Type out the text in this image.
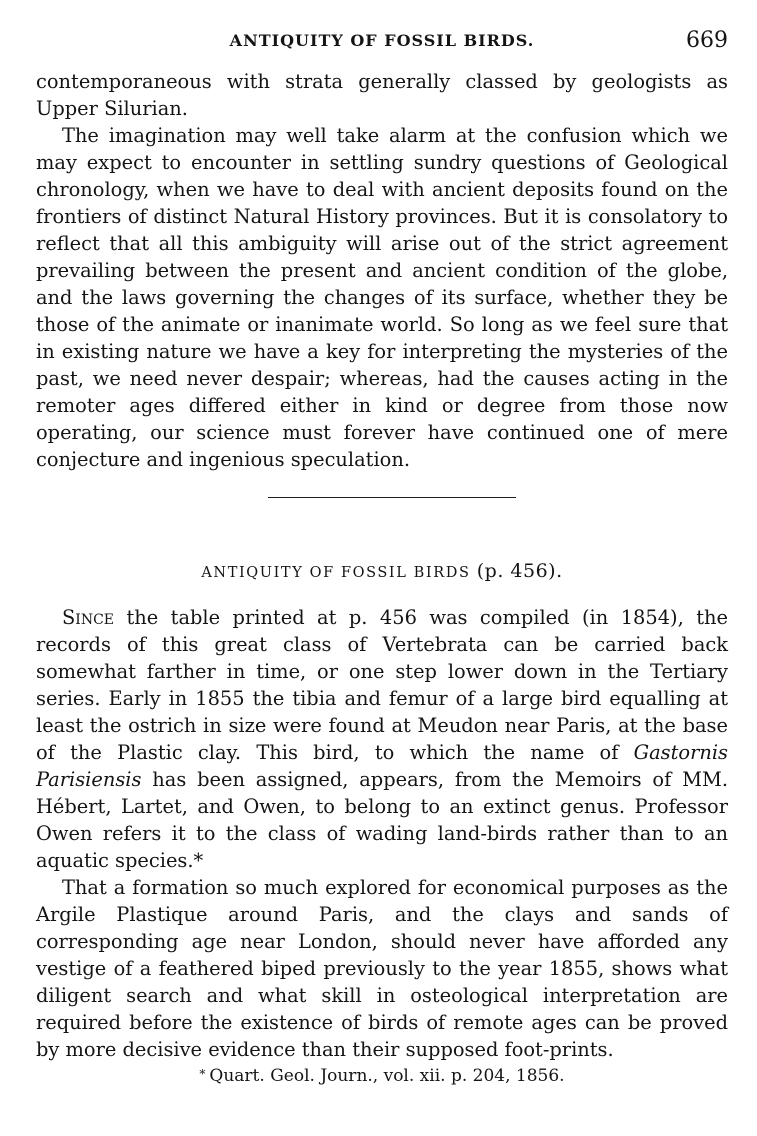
ANTIQUITY OF FOSSIL BIRDS.	669

contemporaneous with strata generally classed by geologists as Upper Silurian.

The imagination may well take alarm at the confusion which we may expect to encounter in settling sundry questions of Geological chronology, when we have to deal with ancient deposits found on the frontiers of distinct Natural History provinces. But it is consolatory to reflect that all this ambiguity will arise out of the strict agreement prevailing between the present and ancient condition of the globe, and the laws governing the changes of its surface, whether they be those of the animate or inanimate world. So long as we feel sure that in existing nature we have a key for interpreting the mysteries of the past, we need never despair; whereas, had the causes acting in the remoter ages differed either in kind or degree from those now operating, our science must forever have continued one of mere conjecture and ingenious speculation.

ANTIQUITY OF FOSSIL BIRDS (p. 456).

Since the table printed at p. 456 was compiled (in 1854), the records of this great class of Vertebrata can be carried back somewhat farther in time, or one step lower down in the Tertiary series. Early in 1855 the tibia and femur of a large bird equalling at least the ostrich in size were found at Meudon near Paris, at the base of the Plastic clay. This bird, to which the name of Gastornis Parisiensis has been assigned, appears, from the Memoirs of MM. Hébert, Lartet, and Owen, to belong to an extinct genus. Professor Owen refers it to the class of wading land-birds rather than to an aquatic species.*

That a formation so much explored for economical purposes as the Argile Plastique around Paris, and the clays and sands of corresponding age near London, should never have afforded any vestige of a feathered biped previously to the year 1855, shows what diligent search and what skill in osteological interpretation are required before the existence of birds of remote ages can be proved by more decisive evidence than their supposed foot-prints.

* Quart. Geol. Journ., vol. xii. p. 204, 1856.
